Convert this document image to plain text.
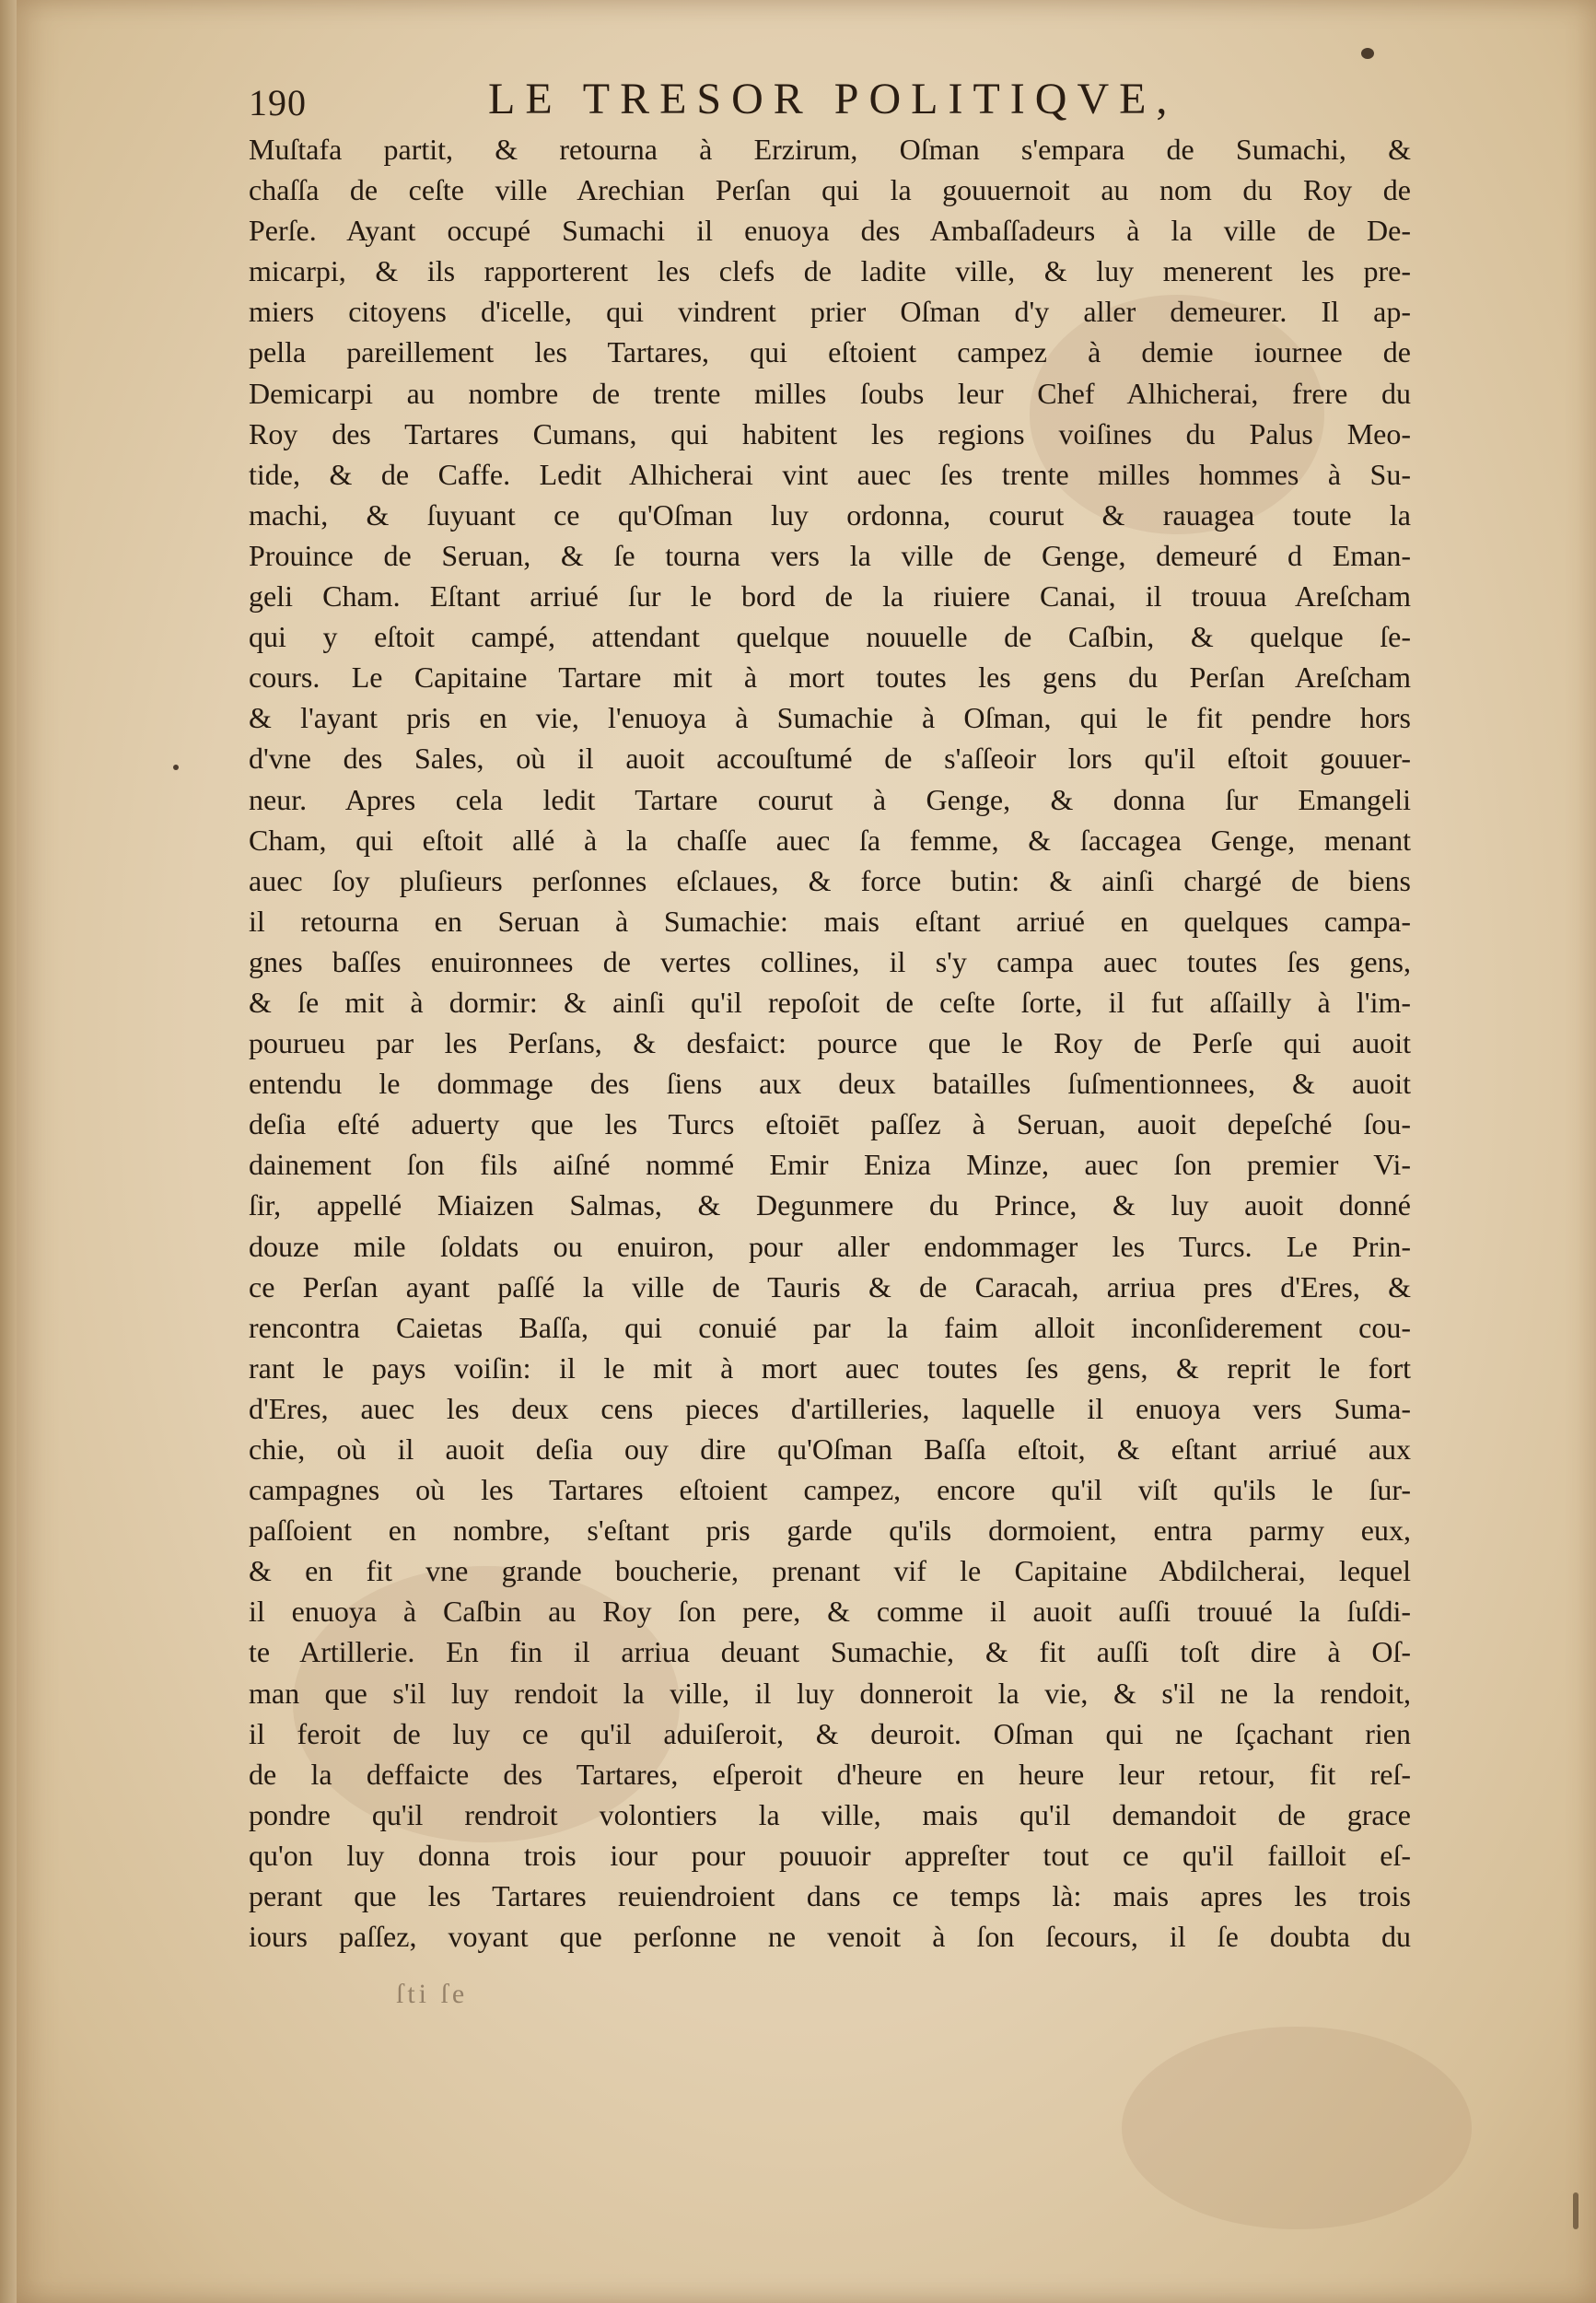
190	LE TRESOR POLITIQVE,
Muſtafa partit, & retourna à Erzirum, Oſman s'empara de Sumachi, &
chaſſa de ceſte ville Arechian Perſan qui la gouuernoit au nom du Roy de
Perſe. Ayant occupé Sumachi il enuoya des Ambaſſadeurs à la ville de De-
micarpi, & ils rapporterent les clefs de ladite ville, & luy menerent les pre-
miers citoyens d'icelle, qui vindrent prier Oſman d'y aller demeurer. Il ap-
pella pareillement les Tartares, qui eſtoient campez à demie iournee de
Demicarpi au nombre de trente milles ſoubs leur Chef Alhicherai, frere du
Roy des Tartares Cumans, qui habitent les regions voiſines du Palus Meo-
tide, & de Caffe. Ledit Alhicherai vint auec ſes trente milles hommes à Su-
machi, & ſuyuant ce qu'Oſman luy ordonna, courut & rauagea toute la
Prouince de Seruan, & ſe tourna vers la ville de Genge, demeuré d Eman-
geli Cham. Eſtant arriué ſur le bord de la riuiere Canai, il trouua Areſcham
qui y eſtoit campé, attendant quelque nouuelle de Caſbin, & quelque ſe-
cours. Le Capitaine Tartare mit à mort toutes les gens du Perſan Areſcham
& l'ayant pris en vie, l'enuoya à Sumachie à Oſman, qui le fit pendre hors
d'vne des Sales, où il auoit accouſtumé de s'aſſeoir lors qu'il eſtoit gouuer-
neur. Apres cela ledit Tartare courut à Genge, & donna ſur Emangeli
Cham, qui eſtoit allé à la chaſſe auec ſa femme, & ſaccagea Genge, menant
auec ſoy pluſieurs perſonnes eſclaues, & force butin: & ainſi chargé de biens
il retourna en Seruan à Sumachie: mais eſtant arriué en quelques campa-
gnes baſſes enuironnees de vertes collines, il s'y campa auec toutes ſes gens,
& ſe mit à dormir: & ainſi qu'il repoſoit de ceſte ſorte, il fut aſſailly à l'im-
pourueu par les Perſans, & desfaict: pource que le Roy de Perſe qui auoit
entendu le dommage des ſiens aux deux batailles ſuſmentionnees, & auoit
deſia eſté aduerty que les Turcs eſtoiēt paſſez à Seruan, auoit depeſché ſou-
dainement ſon fils aiſné nommé Emir Eniza Minze, auec ſon premier Vi-
ſir, appellé Miaizen Salmas, & Degunmere du Prince, & luy auoit donné
douze mile ſoldats ou enuiron, pour aller endommager les Turcs. Le Prin-
ce Perſan ayant paſſé la ville de Tauris & de Caracah, arriua pres d'Eres, &
rencontra Caietas Baſſa, qui conuié par la faim alloit inconſiderement cou-
rant le pays voiſin: il le mit à mort auec toutes ſes gens, & reprit le fort
d'Eres, auec les deux cens pieces d'artilleries, laquelle il enuoya vers Suma-
chie, où il auoit deſia ouy dire qu'Oſman Baſſa eſtoit, & eſtant arriué aux
campagnes où les Tartares eſtoient campez, encore qu'il viſt qu'ils le ſur-
paſſoient en nombre, s'eſtant pris garde qu'ils dormoient, entra parmy eux,
& en fit vne grande boucherie, prenant vif le Capitaine Abdilcherai, lequel
il enuoya à Caſbin au Roy ſon pere, & comme il auoit auſſi trouué la ſuſdi-
te Artillerie. En fin il arriua deuant Sumachie, & fit auſſi toſt dire à Oſ-
man que s'il luy rendoit la ville, il luy donneroit la vie, & s'il ne la rendoit,
il feroit de luy ce qu'il aduiſeroit, & deuroit. Oſman qui ne ſçachant rien
de la deffaicte des Tartares, eſperoit d'heure en heure leur retour, fit reſ-
pondre qu'il rendroit volontiers la ville, mais qu'il demandoit de grace
qu'on luy donna trois iour pour pouuoir appreſter tout ce qu'il failloit eſ-
perant que les Tartares reuiendroient dans ce temps là: mais apres les trois
iours paſſez, voyant que perſonne ne venoit à ſon ſecours, il ſe doubta du
ſti ſe
